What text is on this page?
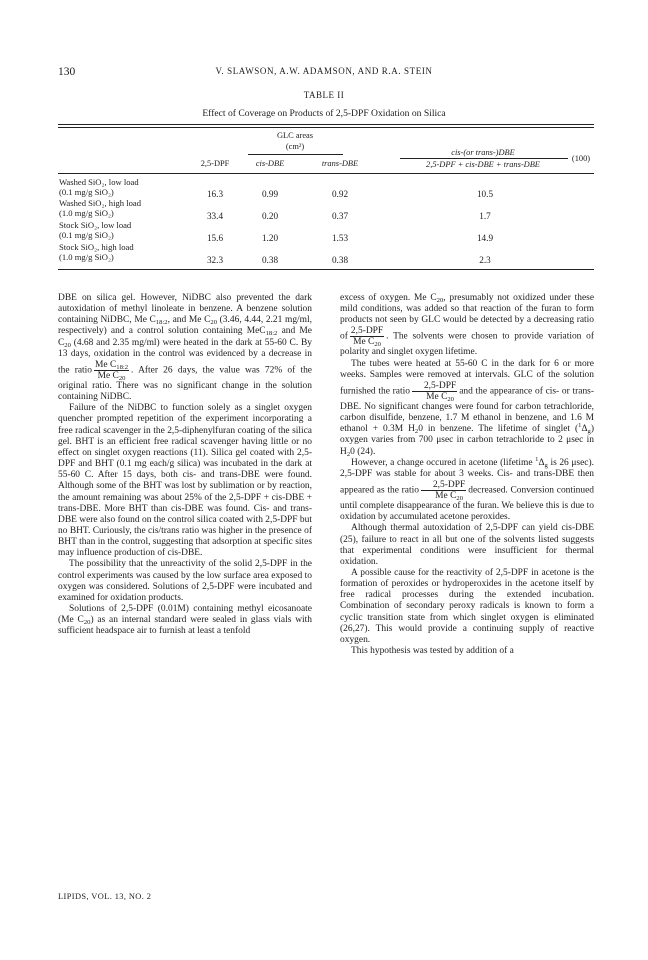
130	V. SLAWSON, A.W. ADAMSON, AND R.A. STEIN
TABLE II
Effect of Coverage on Products of 2,5-DPF Oxidation on Silica
GLC areas
(cm²)
2,5-DPF	cis-DBE	trans-DBE
cis-(or trans-)DBE
2,5-DPF + cis-DBE + trans-DBE
(100)
Washed SiO₂, low load
(0.1 mg/g SiO₂)	16.3	0.99	0.92	10.5
Washed SiO₂, high load
(1.0 mg/g SiO₂)	33.4	0.20	0.37	1.7
Stock SiO₂, low load
(0.1 mg/g SiO₂)	15.6	1.20	1.53	14.9
Stock SiO₂, high load
(1.0 mg/g SiO₂)	32.3	0.38	0.38	2.3

DBE on silica gel. However, NiDBC also prevented the dark autoxidation of methyl linoleate in benzene. A benzene solution containing NiDBC, Me $C_{18:2}$, and Me $C_{20}$ (3.46, 4.44, 2.21 mg/ml, respectively) and a control solution containing MeC$_{18:2}$ and Me $C_{20}$ (4.68 and 2.35 mg/ml) were heated in the dark at 55-60 C. By 13 days, oxidation in the control was evidenced by a decrease in the ratio $\frac{Me C_{18:2}}{Me C_{20}}$ . After 26 days, the value was 72% of the original ratio. There was no significant change in the solution containing NiDBC.

Failure of the NiDBC to function solely as a singlet oxygen quencher prompted repetition of the experiment incorporating a free radical scavenger in the 2,5-diphenylfuran coating of the silica gel. BHT is an efficient free radical scavenger having little or no effect on singlet oxygen reactions (11). Silica gel coated with 2,5-DPF and BHT (0.1 mg each/g silica) was incubated in the dark at 55-60 C. After 15 days, both cis- and trans-DBE were found. Although some of the BHT was lost by sublimation or by reaction, the amount remaining was about 25% of the 2,5-DPF + cis-DBE + trans-DBE. More BHT than cis-DBE was found. Cis- and trans-DBE were also found on the control silica coated with 2,5-DPF but no BHT. Curiously, the cis/trans ratio was higher in the presence of BHT than in the control, suggesting that adsorption at specific sites may influence production of cis-DBE.

The possibility that the unreactivity of the solid 2,5-DPF in the control experiments was caused by the low surface area exposed to oxygen was considered. Solutions of 2,5-DPF were incubated and examined for oxidation products.

Solutions of 2,5-DPF (0.01M) containing methyl eicosanoate (Me $C_{20}$) as an internal standard were sealed in glass vials with sufficient headspace air to furnish at least a tenfold

excess of oxygen. Me $C_{20}$, presumably not oxidized under these mild conditions, was added so that reaction of the furan to form products not seen by GLC would be detected by a decreasing ratio of $\frac{\text{2,5-DPF}}{Me C_{20}}$ . The solvents were chosen to provide variation of polarity and singlet oxygen lifetime.

The tubes were heated at 55-60 C in the dark for 6 or more weeks. Samples were removed at intervals. GLC of the solution furnished the ratio $\frac{\text{2,5-DPF}}{Me C_{20}}$ and the appearance of cis- or trans-DBE. No significant changes were found for carbon tetrachloride, carbon disulfide, benzene, 1.7 M ethanol in benzene, and 1.6 M ethanol + 0.3M $H_20$ in benzene. The lifetime of singlet $(^1\Delta_g)$ oxygen varies from 700 μsec in carbon tetrachloride to 2 μsec in $H_20$ (24).

However, a change occured in acetone (lifetime $^1\Delta_g$ is 26 μsec). 2,5-DPF was stable for about 3 weeks. Cis- and trans-DBE then appeared as the ratio $\frac{\text{2,5-DPF}}{Me C_{20}}$ decreased. Conversion continued until complete disappearance of the furan. We believe this is due to oxidation by accumulated acetone peroxides.

Although thermal autoxidation of 2,5-DPF can yield cis-DBE (25), failure to react in all but one of the solvents listed suggests that experimental conditions were insufficient for thermal oxidation.

A possible cause for the reactivity of 2,5-DPF in acetone is the formation of peroxides or hydroperoxides in the acetone itself by free radical processes during the extended incubation. Combination of secondary peroxy radicals is known to form a cyclic transition state from which singlet oxygen is eliminated (26,27). This would provide a continuing supply of reactive oxygen.

This hypothesis was tested by addition of a

LIPIDS, VOL. 13, NO. 2
